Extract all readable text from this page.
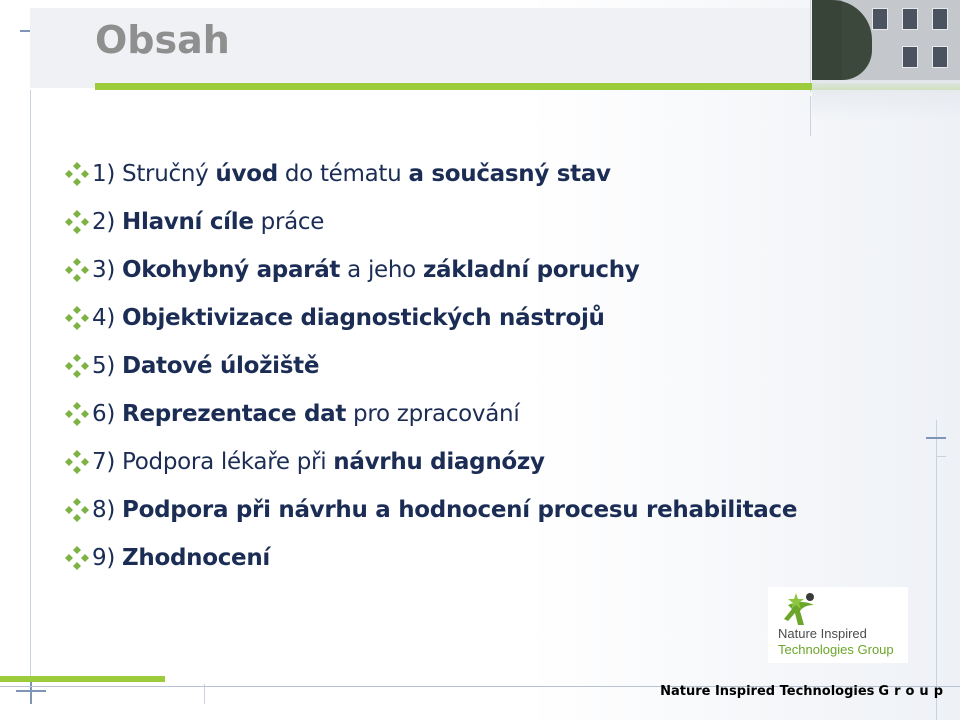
Obsah
1) Stručný úvod do tématu a současný stav
2) Hlavní cíle práce
3) Okohybný aparát a jeho základní poruchy
4) Objektivizace diagnostických nástrojů
5) Datové úložiště
6) Reprezentace dat pro zpracování
7) Podpora lékaře při návrhu diagnózy
8) Podpora při návrhu a hodnocení procesu rehabilitace
9) Zhodnocení
Nature Inspired
Technologies Group
Nature Inspired Technologies Group
